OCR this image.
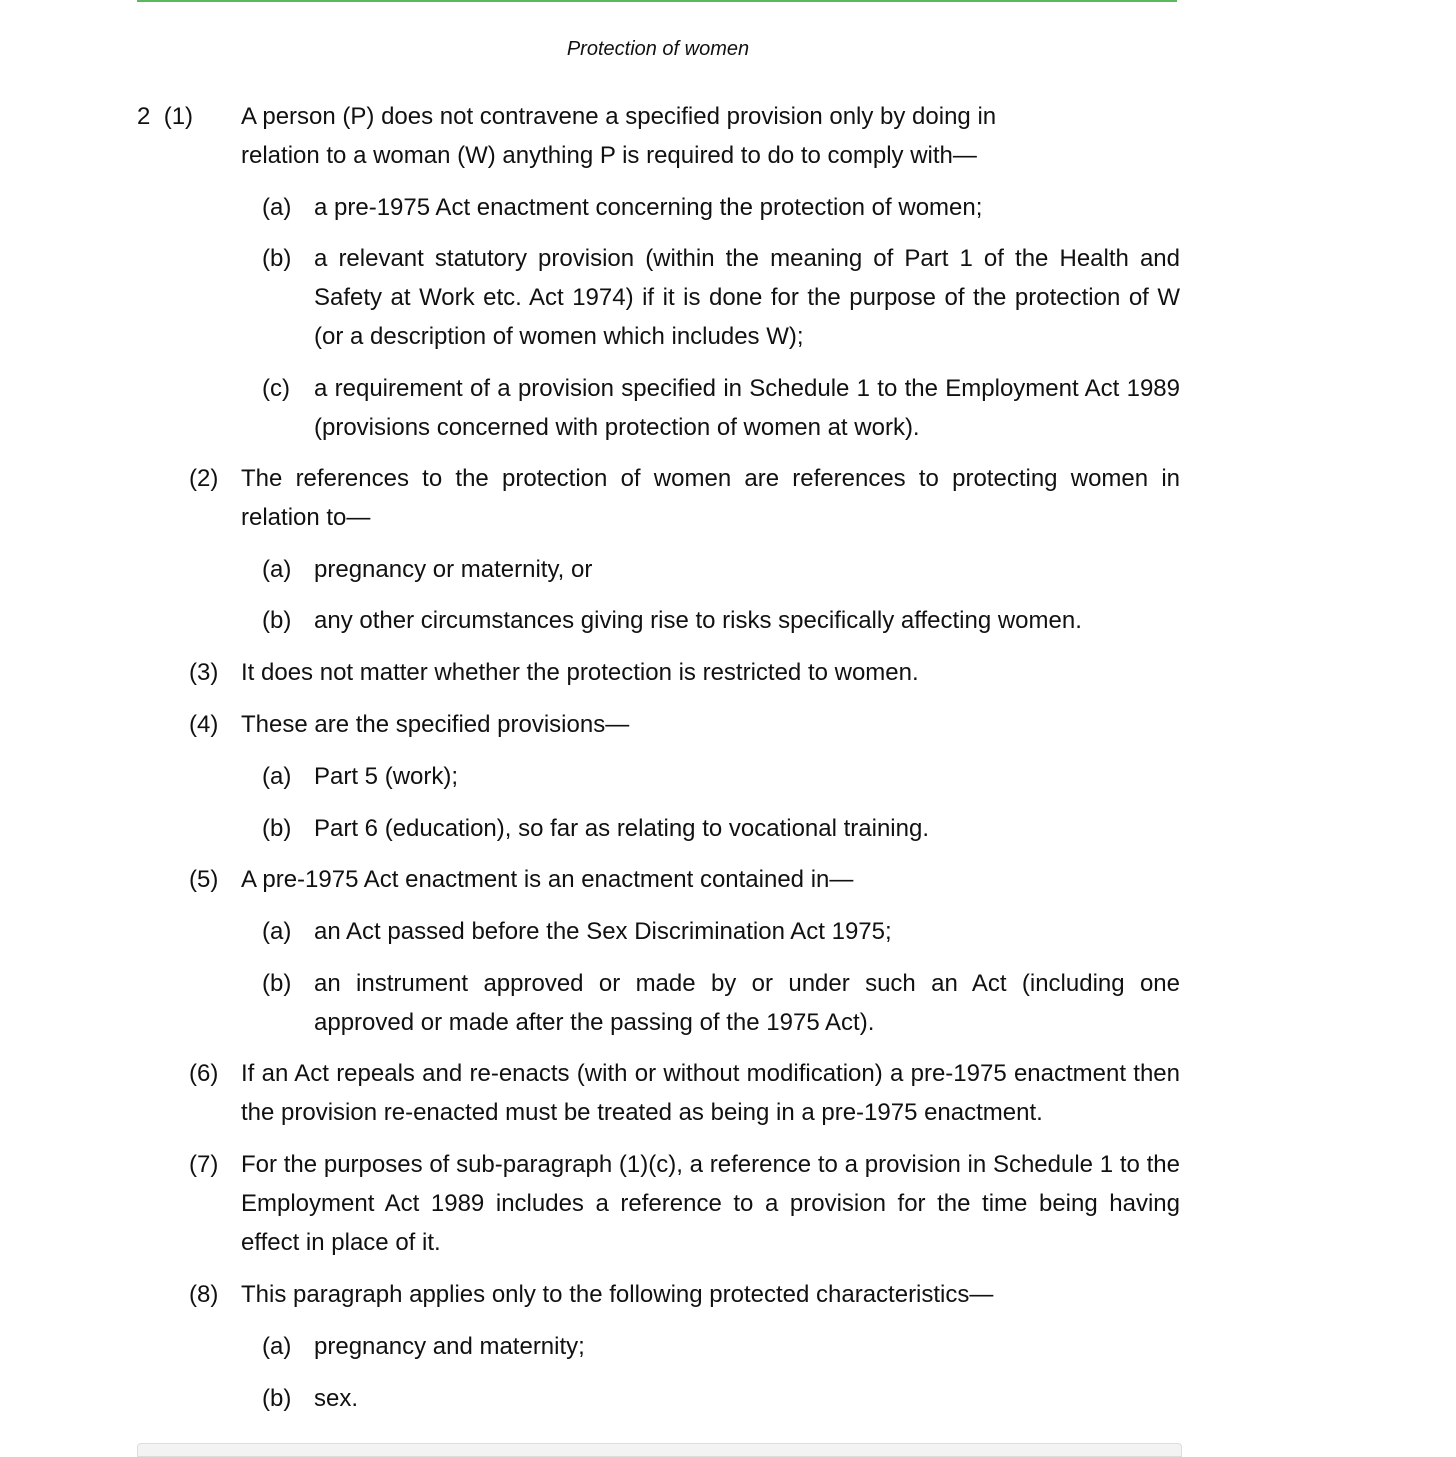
Protection of women
2 (1) A person (P) does not contravene a specified provision only by doing in relation to a woman (W) anything P is required to do to comply with—
(a) a pre-1975 Act enactment concerning the protection of women;
(b) a relevant statutory provision (within the meaning of Part 1 of the Health and Safety at Work etc. Act 1974) if it is done for the purpose of the protection of W (or a description of women which includes W);
(c) a requirement of a provision specified in Schedule 1 to the Employment Act 1989 (provisions concerned with protection of women at work).
(2) The references to the protection of women are references to protecting women in relation to—
(a) pregnancy or maternity, or
(b) any other circumstances giving rise to risks specifically affecting women.
(3) It does not matter whether the protection is restricted to women.
(4) These are the specified provisions—
(a) Part 5 (work);
(b) Part 6 (education), so far as relating to vocational training.
(5) A pre-1975 Act enactment is an enactment contained in—
(a) an Act passed before the Sex Discrimination Act 1975;
(b) an instrument approved or made by or under such an Act (including one approved or made after the passing of the 1975 Act).
(6) If an Act repeals and re-enacts (with or without modification) a pre-1975 enactment then the provision re-enacted must be treated as being in a pre-1975 enactment.
(7) For the purposes of sub-paragraph (1)(c), a reference to a provision in Schedule 1 to the Employment Act 1989 includes a reference to a provision for the time being having effect in place of it.
(8) This paragraph applies only to the following protected characteristics—
(a) pregnancy and maternity;
(b) sex.
